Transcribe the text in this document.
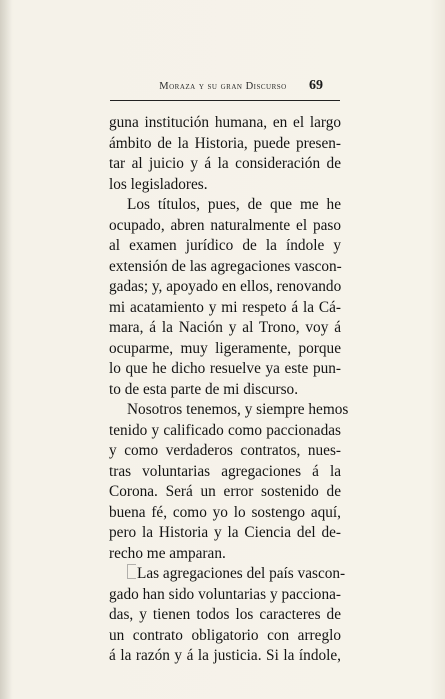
Moraza y su gran Discurso	69
guna institución humana, en el largo
ámbito de la Historia, puede presen-
tar al juicio y á la consideración de
los legisladores.
Los títulos, pues, de que me he
ocupado, abren naturalmente el paso
al examen jurídico de la índole y
extensión de las agregaciones vascon-
gadas; y, apoyado en ellos, renovando
mi acatamiento y mi respeto á la Cá-
mara, á la Nación y al Trono, voy á
ocuparme, muy ligeramente, porque
lo que he dicho resuelve ya este pun-
to de esta parte de mi discurso.
Nosotros tenemos, y siempre hemos
tenido y calificado como paccionadas
y como verdaderos contratos, nues-
tras voluntarias agregaciones á la
Corona. Será un error sostenido de
buena fé, como yo lo sostengo aquí,
pero la Historia y la Ciencia del de-
recho me amparan.
Las agregaciones del país vascon-
gado han sido voluntarias y pacciona-
das, y tienen todos los caracteres de
un contrato obligatorio con arreglo
á la razón y á la justicia. Si la índole,
